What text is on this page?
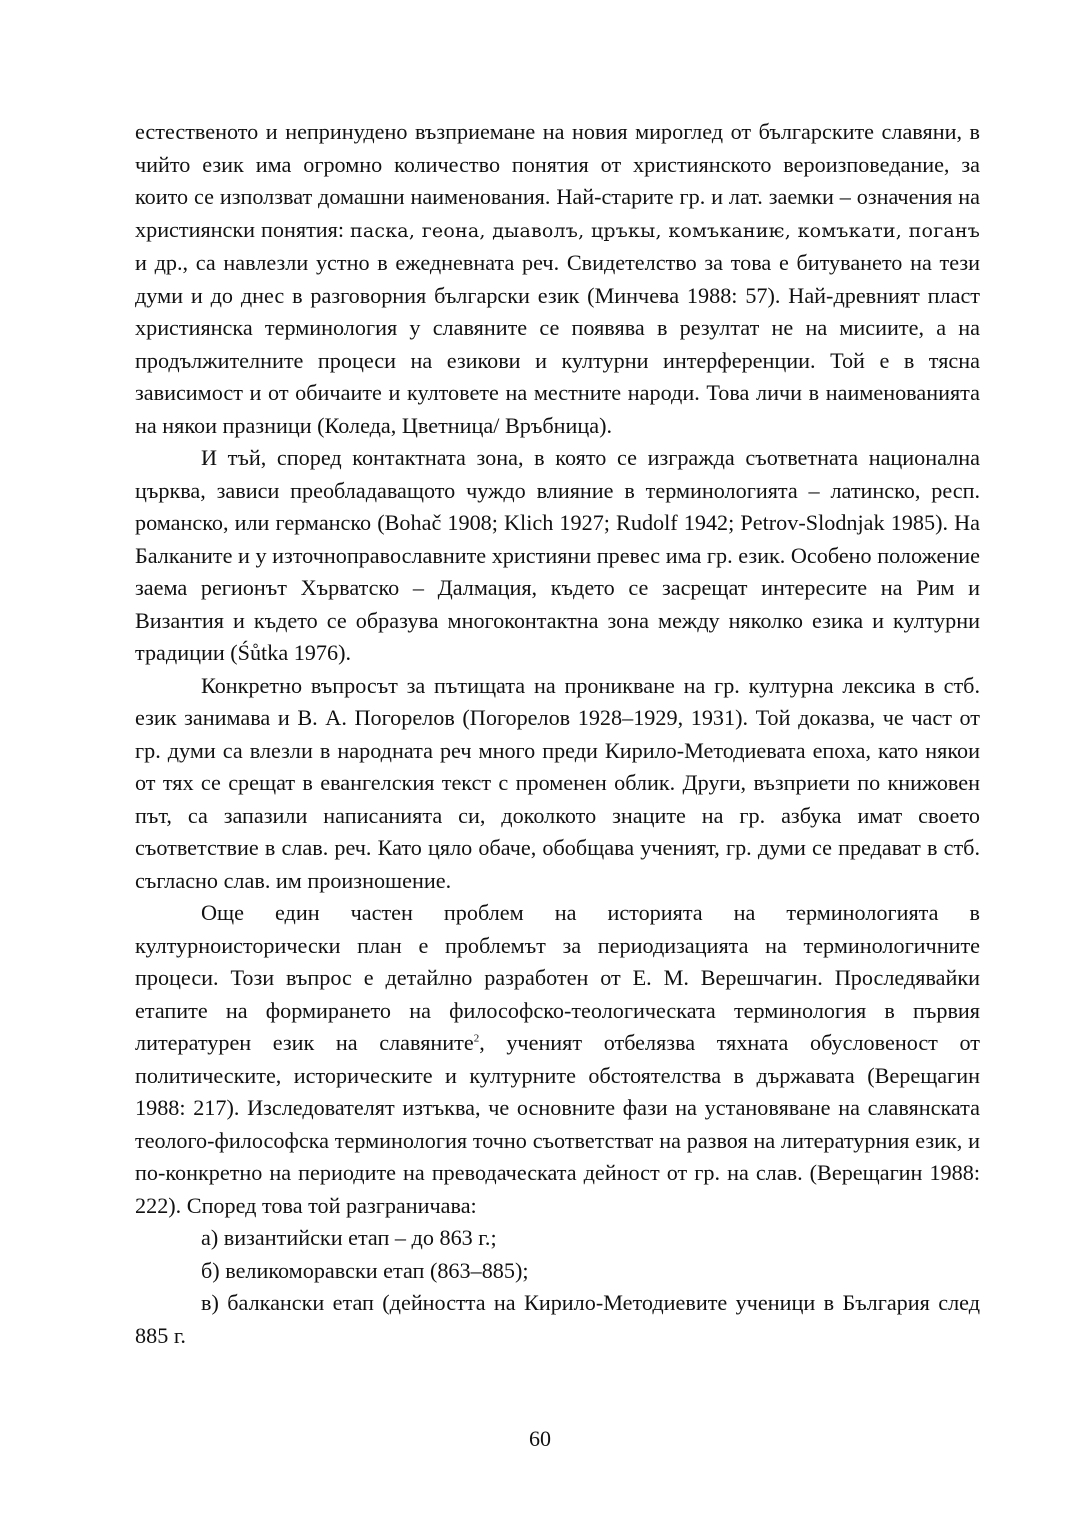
естественото и непринудено възприемане на новия мироглед от българските славяни, в чийто език има огромно количество понятия от християнското вероизповедание, за които се използват домашни наименования. Най-старите гр. и лат. заемки – означения на християнски понятия: паска, геона, дыаволъ, цръкы, комъканиѥ, комъкати, поганъ и др., са навлезли устно в ежедневната реч. Свидетелство за това е битуването на тези думи и до днес в разговорния български език (Минчева 1988: 57). Най-древният пласт християнска терминология у славяните се появява в резултат не на мисиите, а на продължителните процеси на езикови и културни интерференции. Той е в тясна зависимост и от обичаите и култовете на местните народи. Това личи в наименованията на някои празници (Коледа, Цветница/ Връбница).

И тъй, според контактната зона, в която се изгражда съответната национална църква, зависи преобладаващото чуждо влияние в терминологията – латинско, респ. романско, или германско (Bohač 1908; Klich 1927; Rudolf 1942; Petrov-Slodnjak 1985). На Балканите и у източноправославните християни превес има гр. език. Особено положение заема регионът Хърватско – Далмация, където се засрещат интересите на Рим и Византия и където се образува многоконтактна зона между няколко езика и културни традиции (Śůtka 1976).

Конкретно въпросът за пътищата на проникване на гр. културна лексика в стб. език занимава и В. А. Погорелов (Погорелов 1928–1929, 1931). Той доказва, че част от гр. думи са влезли в народната реч много преди Кирило-Методиевата епоха, като някои от тях се срещат в евангелския текст с променен облик. Други, възприети по книжовен път, са запазили написанията си, доколкото знаците на гр. азбука имат своето съответствие в слав. реч. Като цяло обаче, обобщава ученият, гр. думи се предават в стб. съгласно слав. им произношение.

Още един частен проблем на историята на терминологията в културноисторически план е проблемът за периодизацията на терминологичните процеси. Този въпрос е детайлно разработен от Е. М. Верешчагин. Проследявайки етапите на формирането на философско-теологическата терминология в първия литературен език на славяните$^2$, ученият отбелязва тяхната обусловеност от политическите, историческите и културните обстоятелства в държавата (Верещагин 1988: 217). Изследователят изтъква, че основните фази на установяване на славянската теолого-философска терминология точно съответстват на развоя на литературния език, и по-конкретно на периодите на преводаческата дейност от гр. на слав. (Верещагин 1988: 222). Според това той разграничава:

а) византийски етап – до 863 г.;

б) великоморавски етап (863–885);

в) балкански етап (дейността на Кирило-Методиевите ученици в България след 885 г.

60
